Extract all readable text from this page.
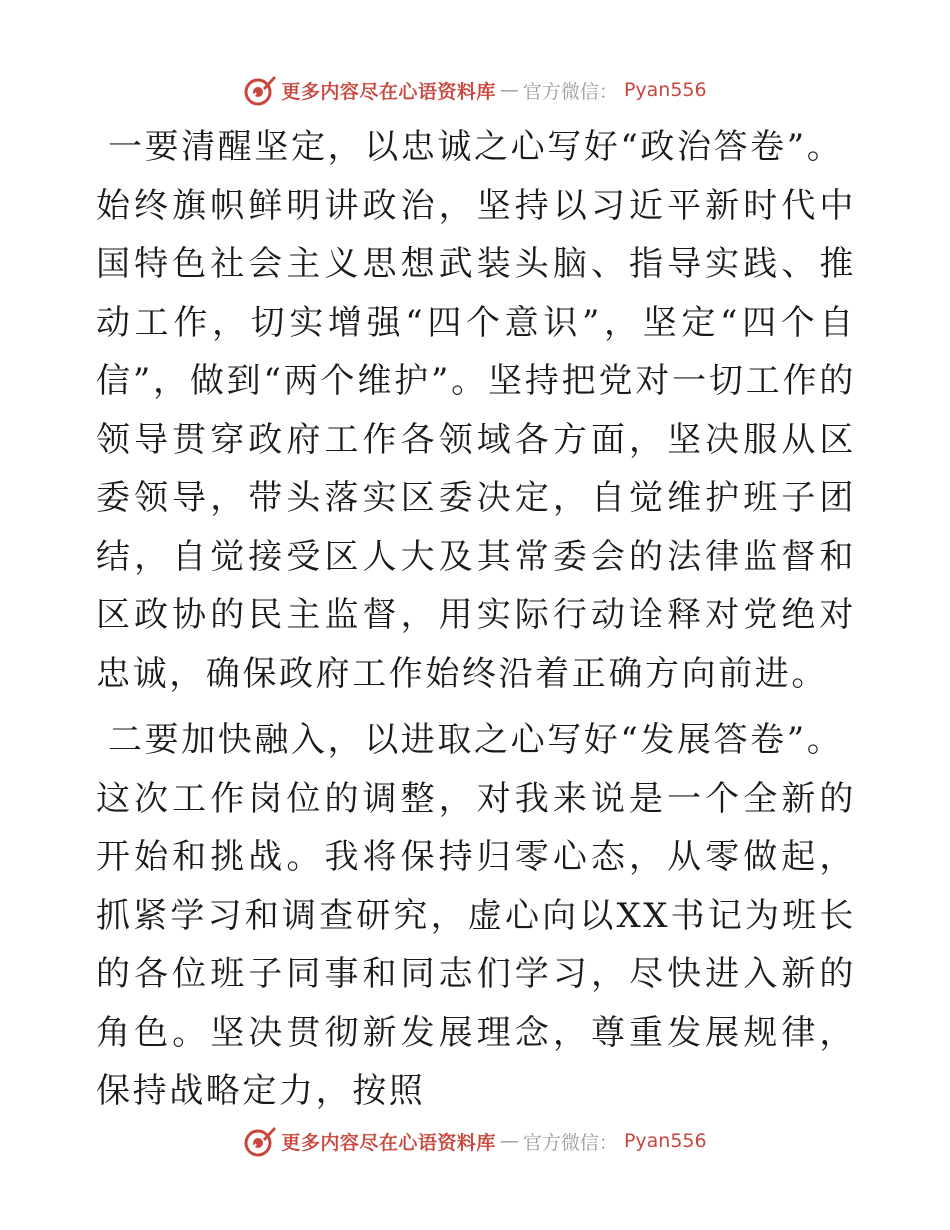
更多内容尽在心语资料库 — 官方微信： Pyan556

一要清醒坚定，以忠诚之心写好“政治答卷”。
始终旗帜鲜明讲政治，坚持以习近平新时代中国特色社会主义思想武装头脑、指导实践、推动工作，切实增强“四个意识”，坚定“四个自信”，做到“两个维护”。坚持把党对一切工作的领导贯穿政府工作各领域各方面，坚决服从区委领导，带头落实区委决定，自觉维护班子团结，自觉接受区人大及其常委会的法律监督和区政协的民主监督，用实际行动诠释对党绝对忠诚，确保政府工作始终沿着正确方向前进。

二要加快融入，以进取之心写好“发展答卷”。
这次工作岗位的调整，对我来说是一个全新的开始和挑战。我将保持归零心态，从零做起，抓紧学习和调查研究，虚心向以XX书记为班长的各位班子同事和同志们学习，尽快进入新的角色。坚决贯彻新发展理念，尊重发展规律，保持战略定力，按照

更多内容尽在心语资料库 — 官方微信： Pyan556
